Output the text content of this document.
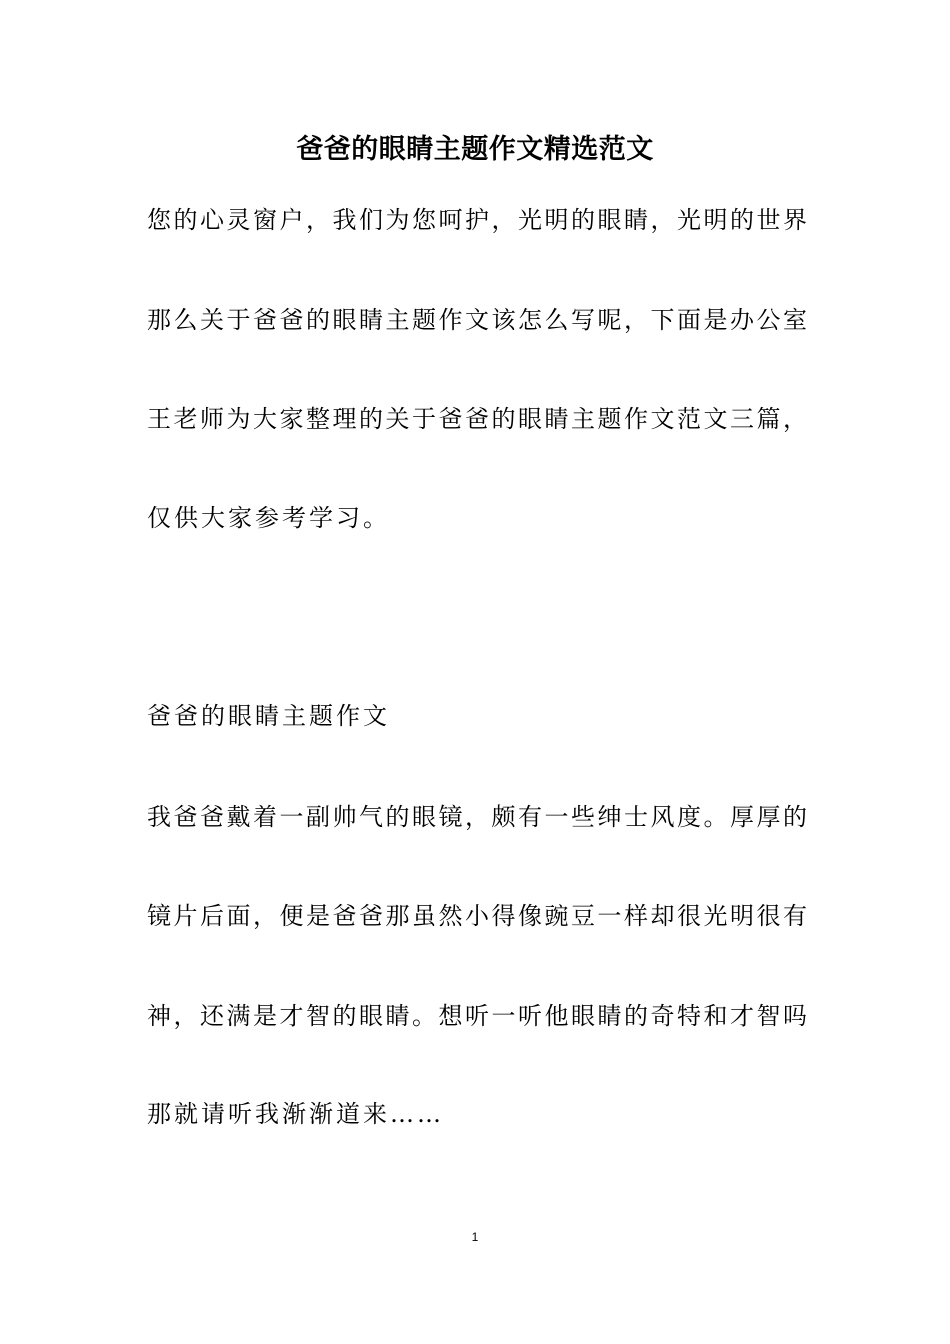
爸爸的眼睛主题作文精选范文
您 的 心 灵 窗 户 ， 我 们 为 您 呵 护 ， 光 明 的 眼 睛 ， 光 明 的 世 界
那 么 关 于 爸 爸 的 眼 睛 主 题 作 文 该 怎 么 写 呢 ， 下 面 是 办 公 室
王 老 师 为 大 家 整 理 的 关 于 爸 爸 的 眼 睛 主 题 作 文 范 文 三 篇 ，
仅供大家参考学习。
爸爸的眼睛主题作文
我 爸 爸 戴 着 一 副 帅 气 的 眼 镜 ， 颇 有 一 些 绅 士 风 度 。 厚 厚 的
镜 片 后 面 ， 便 是 爸 爸 那 虽 然 小 得 像 豌 豆 一 样 却 很 光 明 很 有
神 ， 还 满 是 才 智 的 眼 睛 。 想 听 一 听 他 眼 睛 的 奇 特 和 才 智 吗
那就请听我渐渐道来……
1
